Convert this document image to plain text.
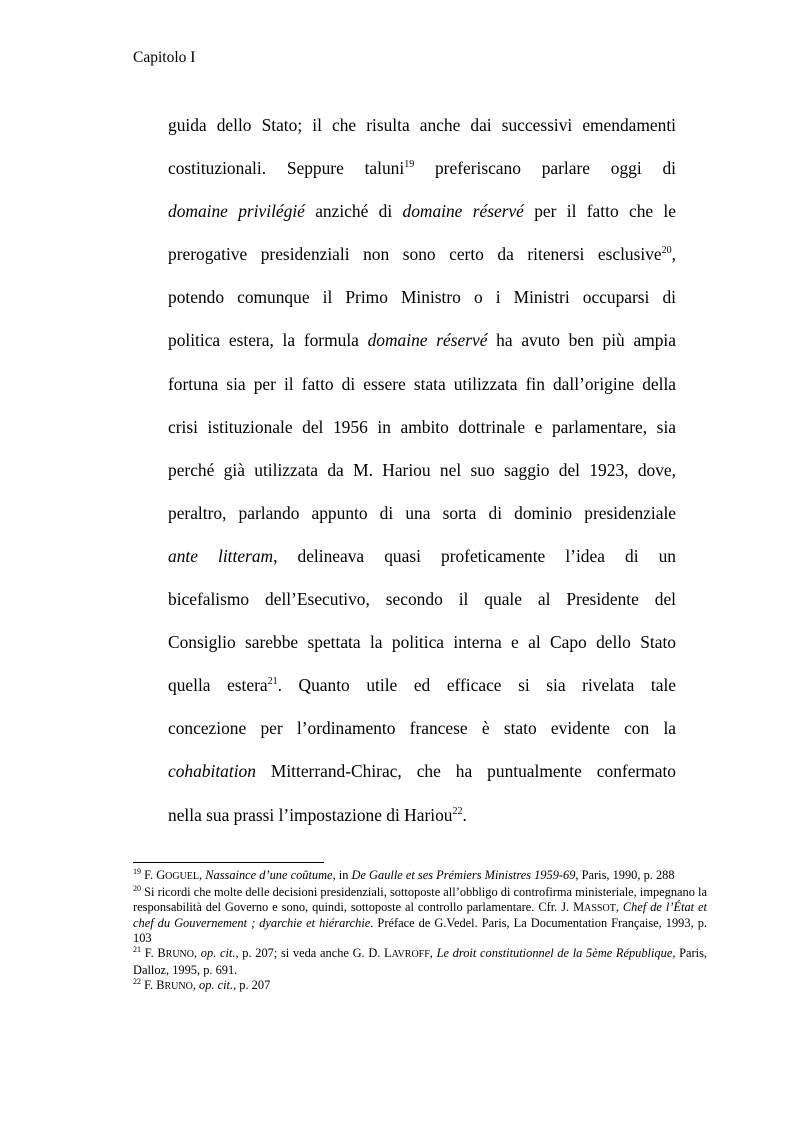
Capitolo I
guida dello Stato; il che risulta anche dai successivi emendamenti
costituzionali. Seppure taluni$^{19}$ preferiscano parlare oggi di
domaine privilégié anziché di domaine réservé per il fatto che le
prerogative presidenziali non sono certo da ritenersi esclusive$^{20}$,
potendo comunque il Primo Ministro o i Ministri occuparsi di
politica estera, la formula domaine réservé ha avuto ben più ampia
fortuna sia per il fatto di essere stata utilizzata fin dall’origine della
crisi istituzionale del 1956 in ambito dottrinale e parlamentare, sia
perché già utilizzata da M. Hariou nel suo saggio del 1923, dove,
peraltro, parlando appunto di una sorta di dominio presidenziale
ante litteram, delineava quasi profeticamente l’idea di un
bicefalismo dell’Esecutivo, secondo il quale al Presidente del
Consiglio sarebbe spettata la politica interna e al Capo dello Stato
quella estera$^{21}$. Quanto utile ed efficace si sia rivelata tale
concezione per l’ordinamento francese è stato evidente con la
cohabitation Mitterrand-Chirac, che ha puntualmente confermato
nella sua prassi l’impostazione di Hariou$^{22}$.
$^{19}$ F. GOGUEL, Nassaince d’une coûtume, in De Gaulle et ses Prémiers Ministres 1959-69, Paris, 1990, p. 288
$^{20}$ Si ricordi che molte delle decisioni presidenziali, sottoposte all’obbligo di controfirma ministeriale, impegnano la responsabilità del Governo e sono, quindi, sottoposte al controllo parlamentare. Cfr. J. MASSOT, Chef de l’État et chef du Gouvernement ; dyarchie et hiérarchie. Préface de G.Vedel. Paris, La Documentation Française, 1993, p. 103
$^{21}$ F. BRUNO, op. cit., p. 207; si veda anche G. D. LAVROFF, Le droit constitutionnel de la 5ème République, Paris, Dalloz, 1995, p. 691.
$^{22}$ F. BRUNO, op. cit., p. 207
